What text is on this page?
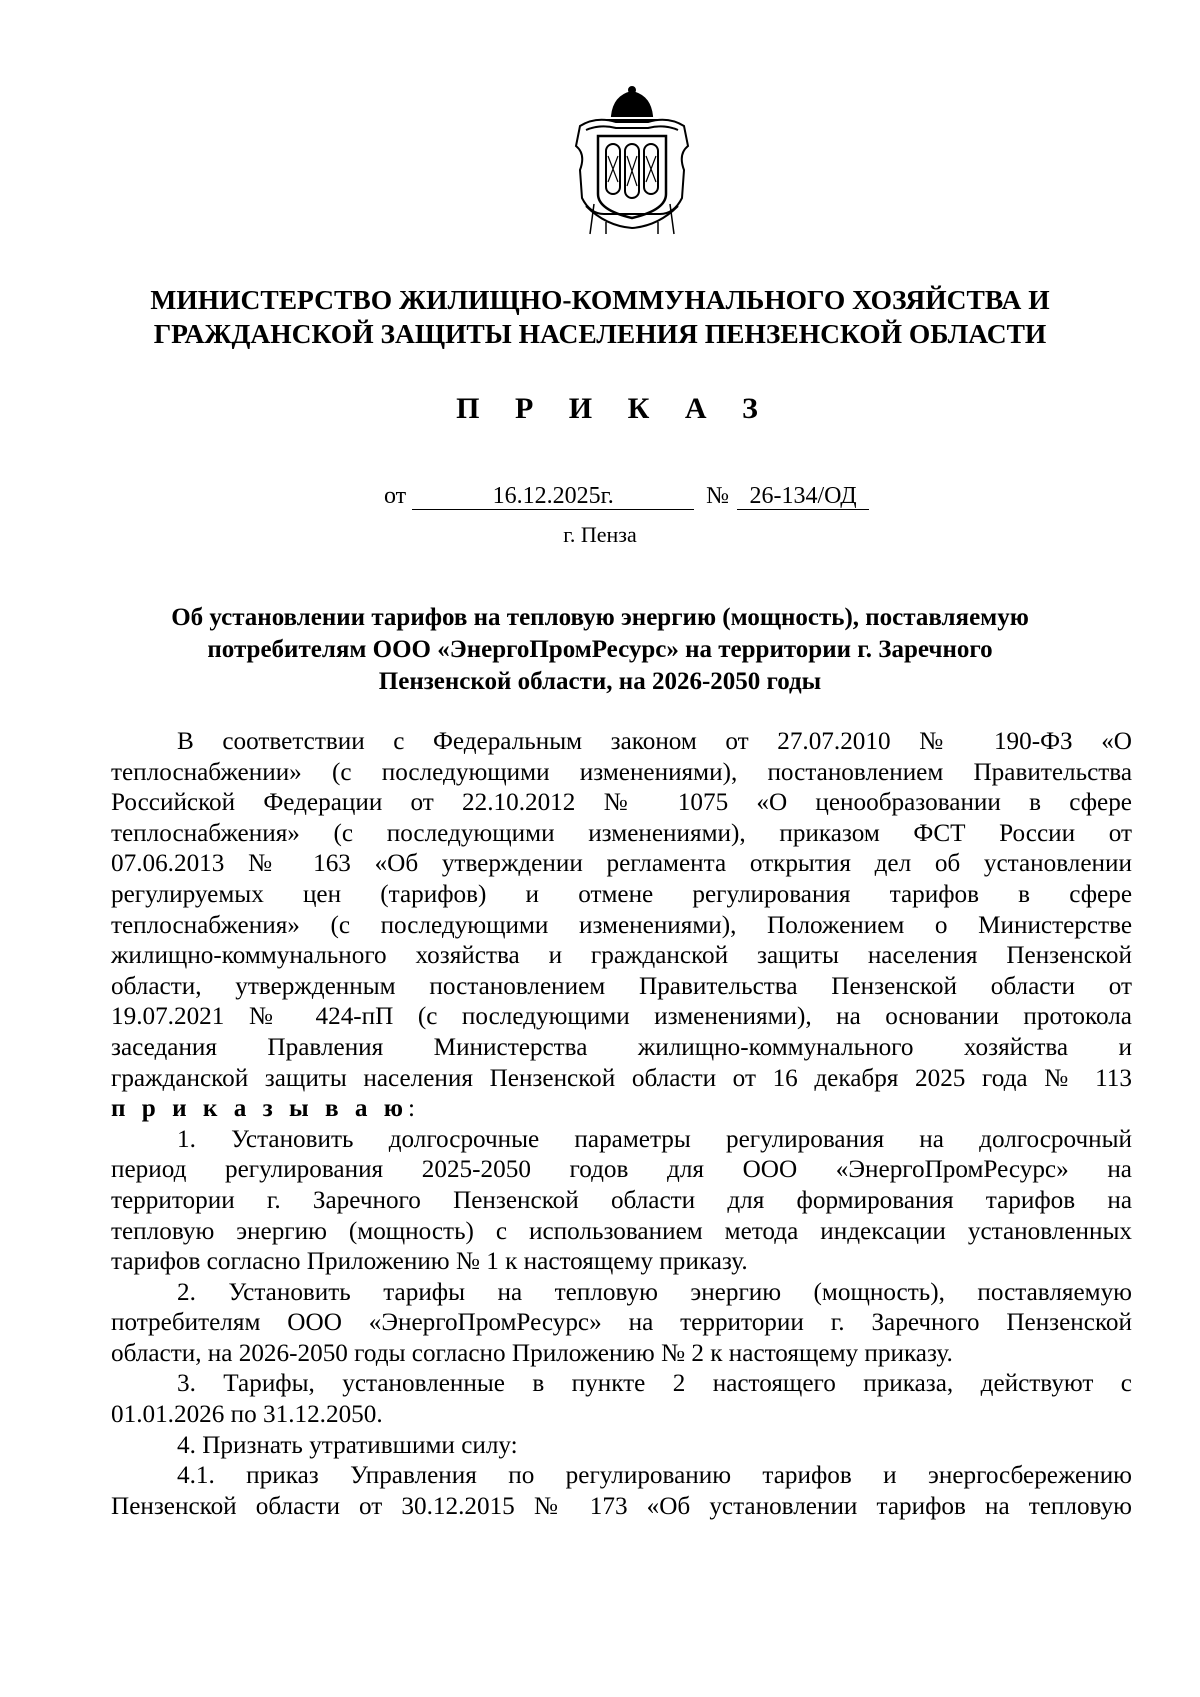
МИНИСТЕРСТВО ЖИЛИЩНО-КОММУНАЛЬНОГО ХОЗЯЙСТВА И
ГРАЖДАНСКОЙ ЗАЩИТЫ НАСЕЛЕНИЯ ПЕНЗЕНСКОЙ ОБЛАСТИ
П Р И К А З
от	16.12.2025г.	№ 26-134/ОД
г. Пенза
Об установлении тарифов на тепловую энергию (мощность), поставляемую
потребителям ООО «ЭнергоПромРесурс» на территории г. Заречного
Пензенской области, на 2026-2050 годы
В соответствии с Федеральным законом от 27.07.2010 № 190-ФЗ «О
теплоснабжении» (с последующими изменениями), постановлением Правительства
Российской Федерации от 22.10.2012 № 1075 «О ценообразовании в сфере
теплоснабжения» (с последующими изменениями), приказом ФСТ России от
07.06.2013 № 163 «Об утверждении регламента открытия дел об установлении
регулируемых цен (тарифов) и отмене регулирования тарифов в сфере
теплоснабжения» (с последующими изменениями), Положением о Министерстве
жилищно-коммунального хозяйства и гражданской защиты населения Пензенской
области, утвержденным постановлением Правительства Пензенской области от
19.07.2021 № 424-пП (с последующими изменениями), на основании протокола
заседания Правления Министерства жилищно-коммунального хозяйства и
гражданской защиты населения Пензенской области от 16 декабря 2025 года № 113
п р и к а з ы в а ю:
1. Установить долгосрочные параметры регулирования на долгосрочный
период регулирования 2025-2050 годов для ООО «ЭнергоПромРесурс» на
территории г. Заречного Пензенской области для формирования тарифов на
тепловую энергию (мощность) с использованием метода индексации установленных
тарифов согласно Приложению № 1 к настоящему приказу.
2. Установить тарифы на тепловую энергию (мощность), поставляемую
потребителям ООО «ЭнергоПромРесурс» на территории г. Заречного Пензенской
области, на 2026-2050 годы согласно Приложению № 2 к настоящему приказу.
3. Тарифы, установленные в пункте 2 настоящего приказа, действуют с
01.01.2026 по 31.12.2050.
4. Признать утратившими силу:
4.1. приказ Управления по регулированию тарифов и энергосбережению
Пензенской области от 30.12.2015 № 173 «Об установлении тарифов на тепловую
